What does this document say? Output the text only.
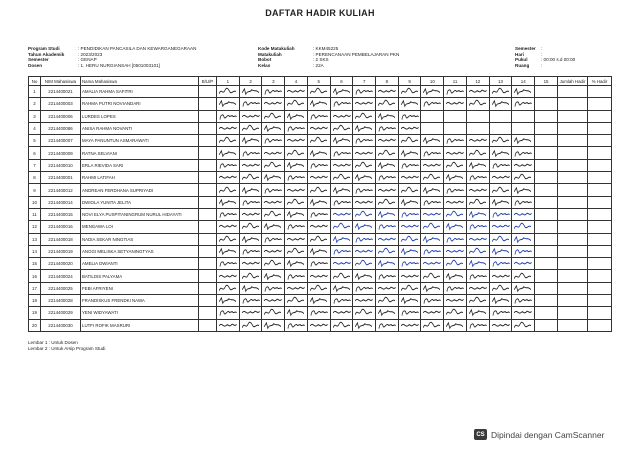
DAFTAR HADIR KULIAH
Program Studi	: PENDIDIKAN PANCASILA DAN KEWARGANEGARAAN
Tahun Akademik	: 2023/2023
Semester	: GENAP
Dosen	: 1. HERU NURGIANSAH [0501003101]
Kode Matakuliah	: KKM45225
Matakuliah	: PERENCANAAN PEMBELAJARAN PKN
Bobot	: 2 SKS
Kelas	: 22A
Semester	:
Hari	:
Pukul	: 00:00 s.d 00:00
Ruang	:
No	NIM Mahasiswa	Nama Mahasiswa	B/U/P	1	2	3	4	5	6	7	8	9	10	11	12	13	14	15	Jumlah Hadir	% Hadir
1	2214400021	AMALIA RAHMA SAFITRI		

2	2214400003	RAHMA PUTRI NOVIANDARI		

3	2214400006	LURDES LOPES		

4	2214400086	ANISA RAHMA NOVANTI		

5	2214400007	MAYA PANUNTUN ASMARAWATI		

6	2214400009	RATNA SELVIANI		

7	2214400010	ERLA RIEVIDA SARI		

8	2214400001	RAHMI LATIFAH		

9	2214400012	ANDREAN FERDHANA SUPRIYADI		

10	2214400014	DWIOLA YUNITA JELITA		

11	2214400015	NOVI ELYA PUSPITANINGRUM NURUL HIDAYATI		

12	2214400016	MENGAWA LOI		

13	2214400018	NADIA SEKAR NINGTIAS		

14	2214400019	ANGGI MELISKA SETYANINGTYAS		

15	2214400020	AMELIA DWIANTI		

16	2214400024	BATILDIS PALYAMA		

17	2214400025	FEBI AFRIYENI		

18	2214400028	FRANDISKUS FRENDKI NAWA		

19	2214400029	YENI WIDYAWATI		

20	2214400030	LUTFI ROFIK MASRURI		

Lembar 1 : Untuk Dosen
Lembar 2 : Untuk Arsip Program Studi
CS Dipindai dengan CamScanner
